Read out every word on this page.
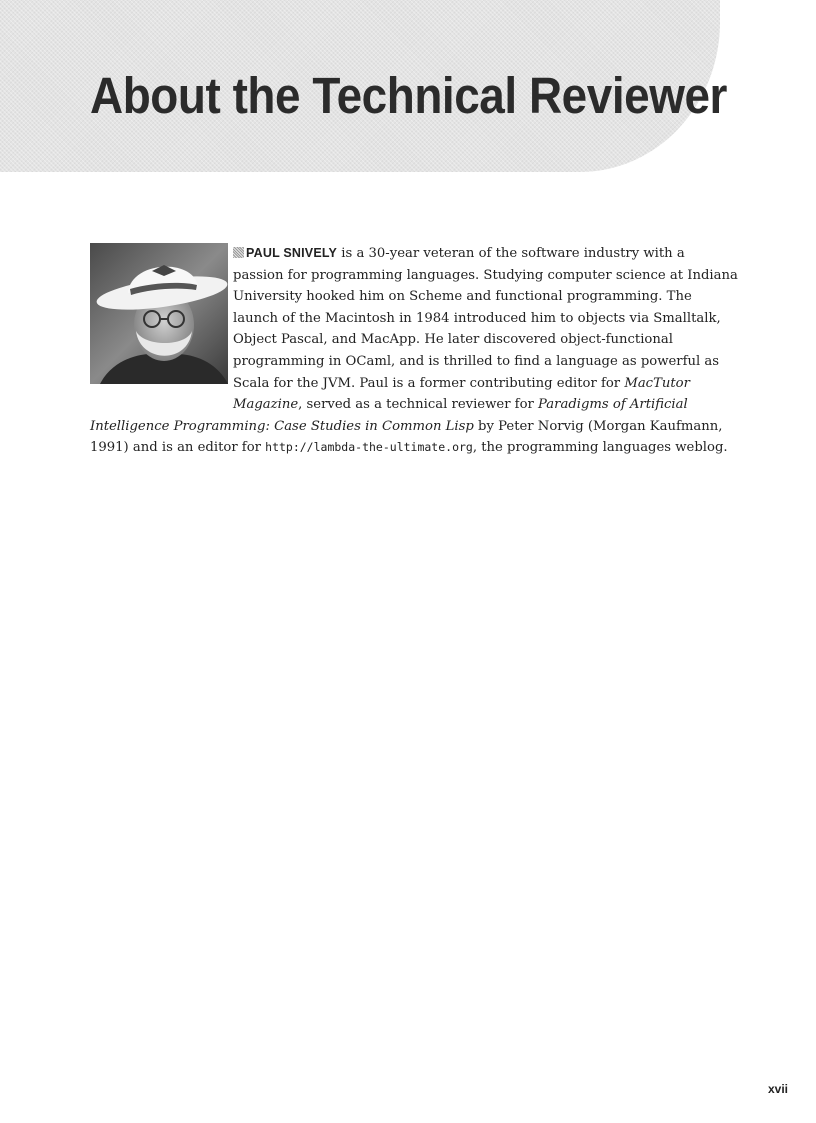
About the Technical Reviewer

PAUL SNIVELY is a 30-year veteran of the software industry with a passion for programming languages. Studying computer science at Indiana University hooked him on Scheme and functional programming. The launch of the Macintosh in 1984 introduced him to objects via Smalltalk, Object Pascal, and MacApp. He later discovered object-functional programming in OCaml, and is thrilled to find a language as powerful as Scala for the JVM. Paul is a former contributing editor for MacTutor Magazine, served as a technical reviewer for Paradigms of Artificial Intelligence Programming: Case Studies in Common Lisp by Peter Norvig (Morgan Kaufmann, 1991) and is an editor for http://lambda-the-ultimate.org, the programming languages weblog.

xvii
